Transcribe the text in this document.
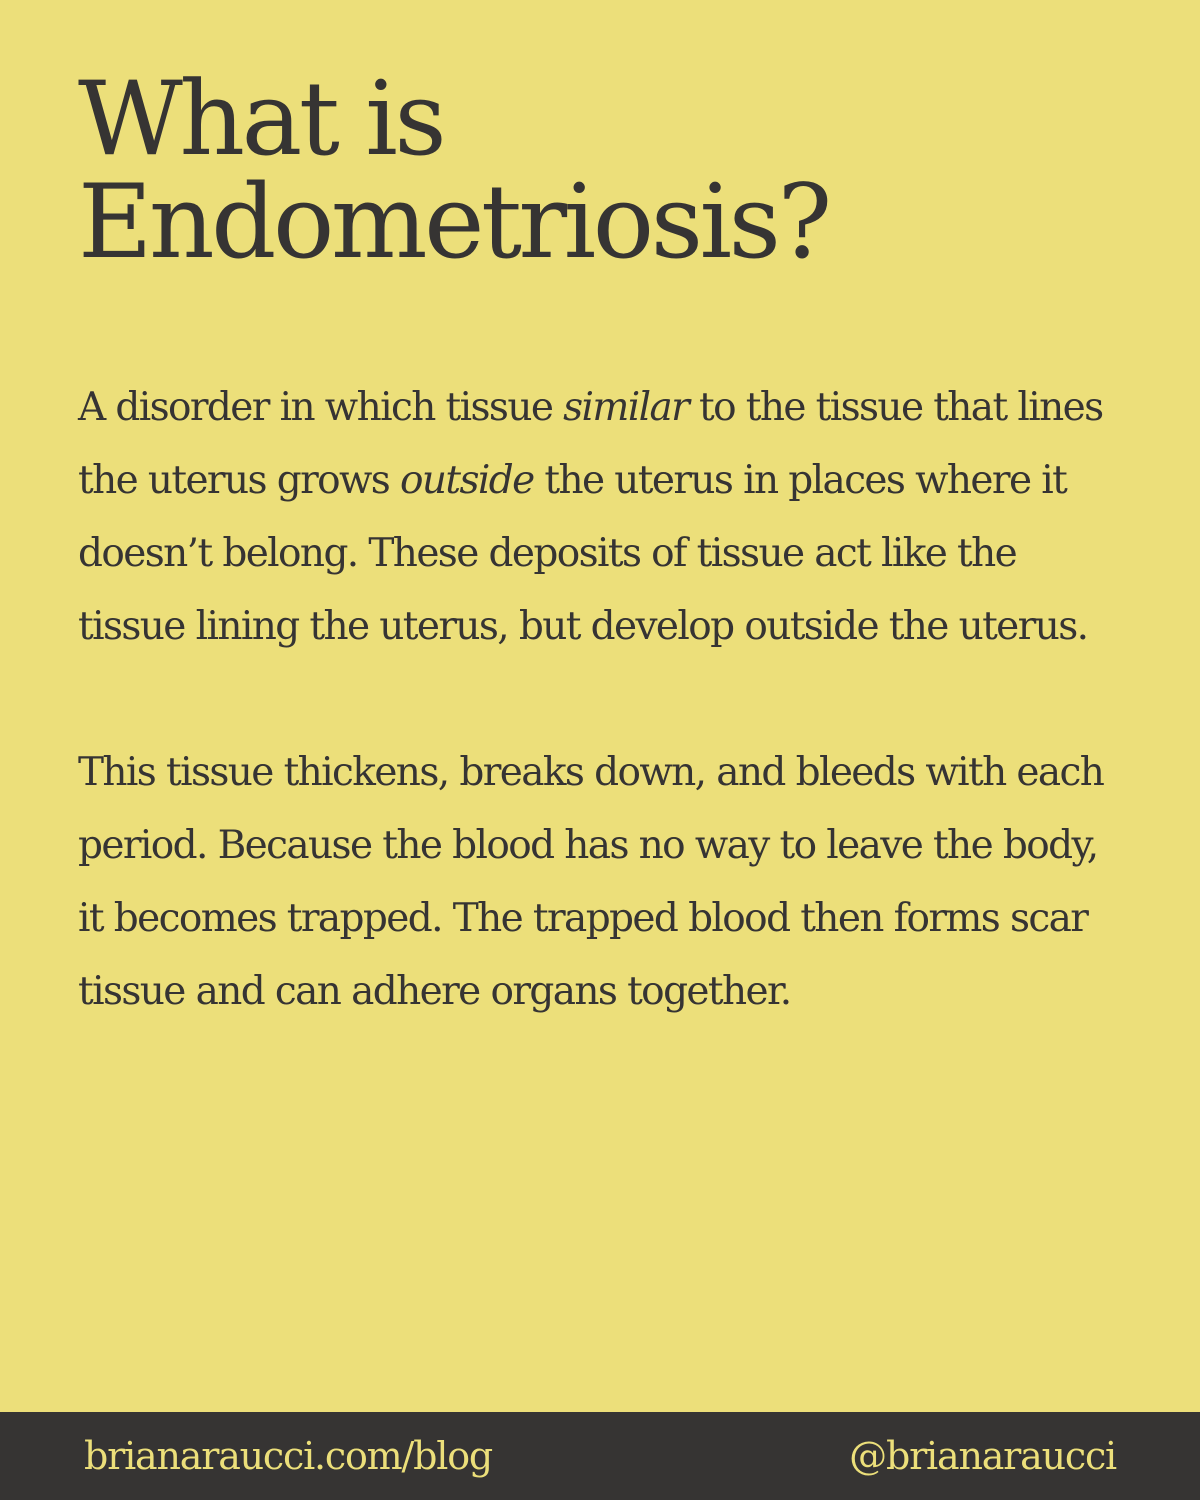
What is
Endometriosis?

A disorder in which tissue similar to the tissue that lines the uterus grows outside the uterus in places where it doesn’t belong. These deposits of tissue act like the tissue lining the uterus, but develop outside the uterus.

This tissue thickens, breaks down, and bleeds with each period. Because the blood has no way to leave the body, it becomes trapped. The trapped blood then forms scar tissue and can adhere organs together.

brianaraucci.com/blog	@brianaraucci
